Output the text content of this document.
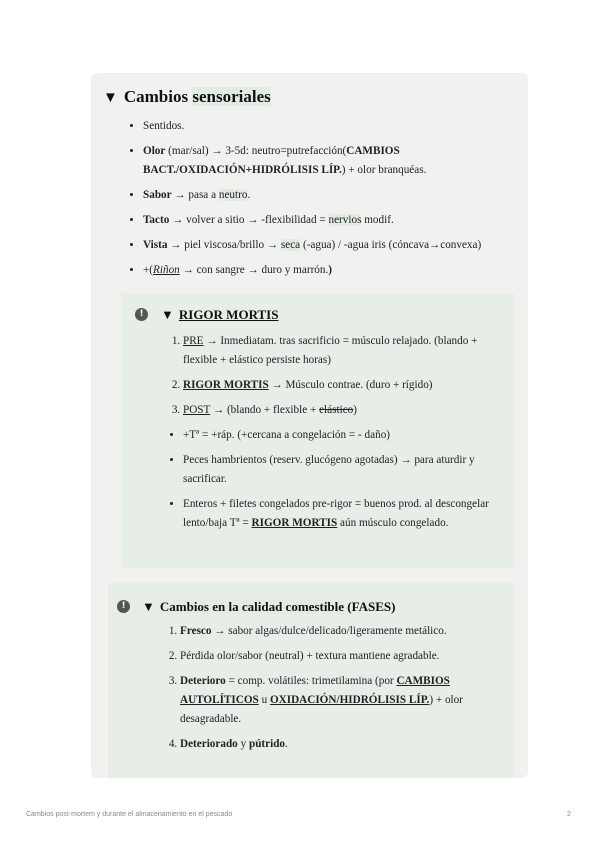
▼ Cambios sensoriales
• Sentidos.
• Olor (mar/sal) → 3-5d: neutro=putrefacción(CAMBIOS BACT./OXIDACIÓN+HIDRÓLISIS LÍP.) + olor branquéas.
• Sabor → pasa a neutro.
• Tacto → volver a sitio → -flexibilidad = nervios modif.
• Vista → piel viscosa/brillo → seca (-agua) / -agua iris (cóncava→convexa)
• +(Riñon → con sangre → duro y marrón.)
!	▼ RIGOR MORTIS
1. PRE → Inmediatam. tras sacrificio = músculo relajado. (blando + flexible + elástico persiste horas)
2. RIGOR MORTIS → Músculo contrae. (duro + rígido)
3. POST → (blando + flexible + elástico)
• +Tª = +ráp. (+cercana a congelación = - daño)
• Peces hambrientos (reserv. glucógeno agotadas) → para aturdir y sacrificar.
• Enteros + filetes congelados pre-rigor = buenos prod. al descongelar lento/baja Tª = RIGOR MORTIS aún músculo congelado.
!	▼ Cambios en la calidad comestible (FASES)
1. Fresco → sabor algas/dulce/delicado/ligeramente metálico.
2. Pérdida olor/sabor (neutral) + textura mantiene agradable.
3. Deterioro = comp. volátiles: trimetilamina (por CAMBIOS AUTOLÍTICOS u OXIDACIÓN/HIDRÓLISIS LÍP.) + olor desagradable.
4. Deteriorado y pútrido.
Cambios post-mortem y durante el almacenamiento en el pescado	2
